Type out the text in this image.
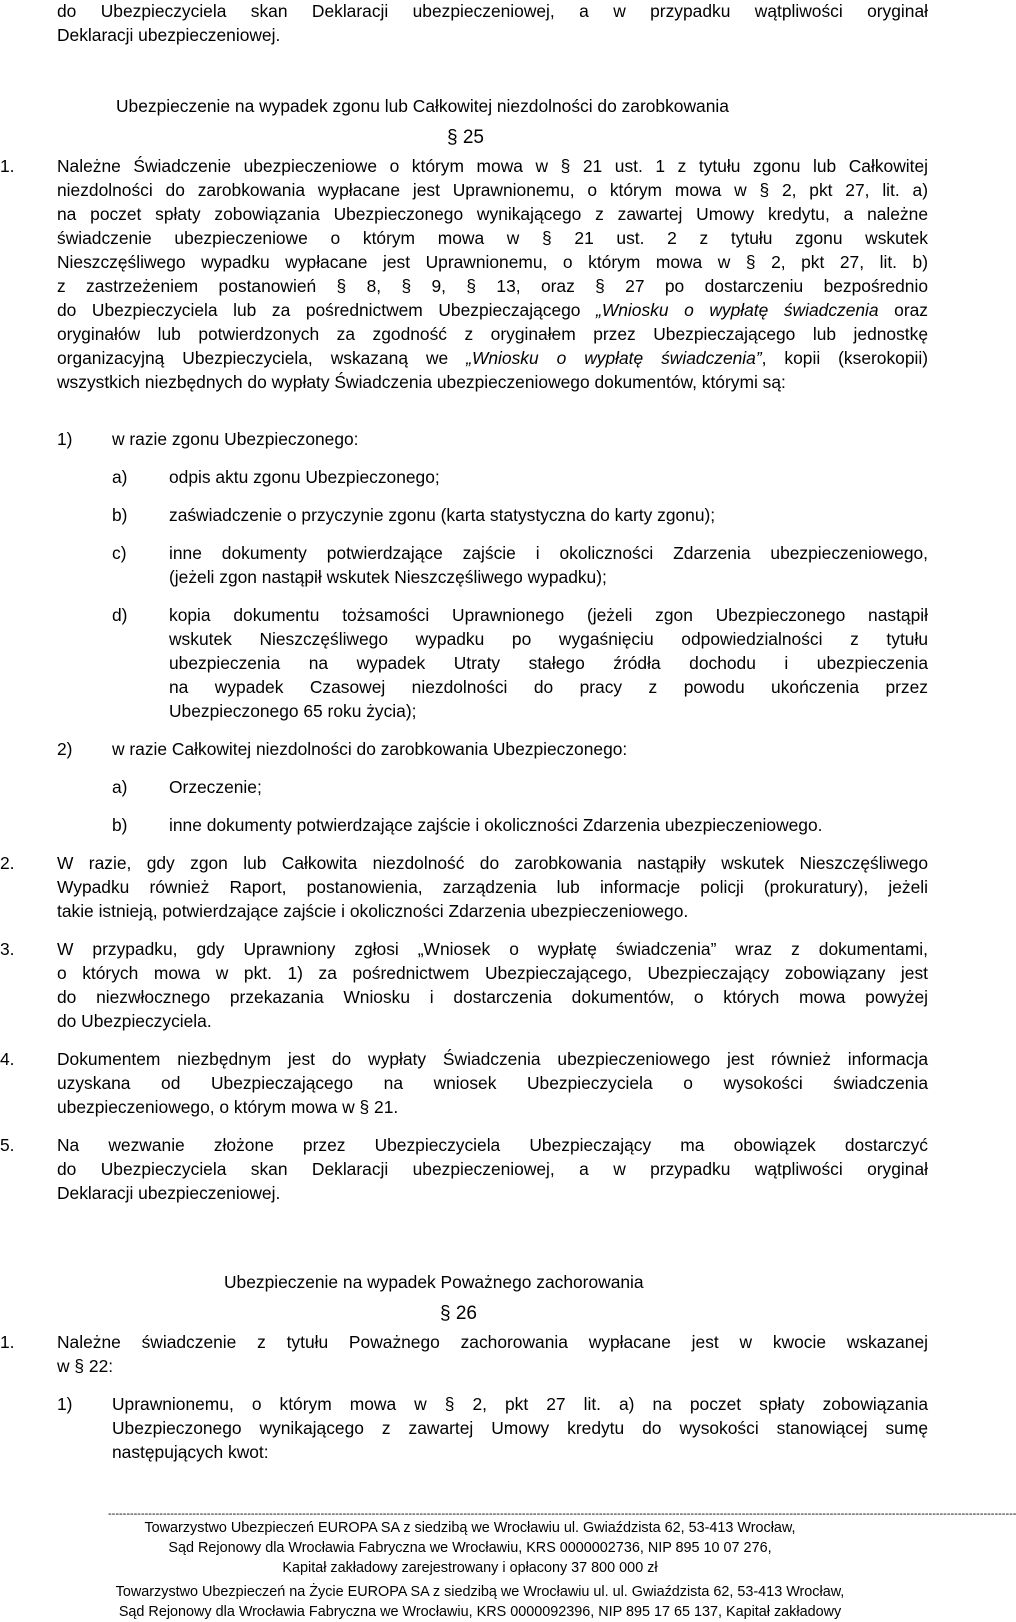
do Ubezpieczyciela skan Deklaracji ubezpieczeniowej, a w przypadku wątpliwości oryginał
Deklaracji ubezpieczeniowej.
Ubezpieczenie na wypadek zgonu lub Całkowitej niezdolności do zarobkowania
§ 25
1. Należne Świadczenie ubezpieczeniowe o którym mowa w § 21 ust. 1 z tytułu zgonu lub Całkowitej
niezdolności do zarobkowania wypłacane jest Uprawnionemu, o którym mowa w § 2, pkt 27, lit. a)
na poczet spłaty zobowiązania Ubezpieczonego wynikającego z zawartej Umowy kredytu, a należne
świadczenie ubezpieczeniowe o którym mowa w § 21 ust. 2 z tytułu zgonu wskutek
Nieszczęśliwego wypadku wypłacane jest Uprawnionemu, o którym mowa w § 2, pkt 27, lit. b)
z zastrzeżeniem postanowień § 8, § 9, § 13, oraz § 27 po dostarczeniu bezpośrednio
do Ubezpieczyciela lub za pośrednictwem Ubezpieczającego „Wniosku o wypłatę świadczenia oraz
oryginałów lub potwierdzonych za zgodność z oryginałem przez Ubezpieczającego lub jednostkę
organizacyjną Ubezpieczyciela, wskazaną we „Wniosku o wypłatę świadczenia”, kopii (kserokopii)
wszystkich niezbędnych do wypłaty Świadczenia ubezpieczeniowego dokumentów, którymi są:
1) w razie zgonu Ubezpieczonego:
a) odpis aktu zgonu Ubezpieczonego;
b) zaświadczenie o przyczynie zgonu (karta statystyczna do karty zgonu);
c) inne dokumenty potwierdzające zajście i okoliczności Zdarzenia ubezpieczeniowego,
(jeżeli zgon nastąpił wskutek Nieszczęśliwego wypadku);
d) kopia dokumentu tożsamości Uprawnionego (jeżeli zgon Ubezpieczonego nastąpił
wskutek Nieszczęśliwego wypadku po wygaśnięciu odpowiedzialności z tytułu
ubezpieczenia na wypadek Utraty stałego źródła dochodu i ubezpieczenia
na wypadek Czasowej niezdolności do pracy z powodu ukończenia przez
Ubezpieczonego 65 roku życia);
2) w razie Całkowitej niezdolności do zarobkowania Ubezpieczonego:
a) Orzeczenie;
b) inne dokumenty potwierdzające zajście i okoliczności Zdarzenia ubezpieczeniowego.
2. W razie, gdy zgon lub Całkowita niezdolność do zarobkowania nastąpiły wskutek Nieszczęśliwego
Wypadku również Raport, postanowienia, zarządzenia lub informacje policji (prokuratury), jeżeli
takie istnieją, potwierdzające zajście i okoliczności Zdarzenia ubezpieczeniowego.
3. W przypadku, gdy Uprawniony zgłosi „Wniosek o wypłatę świadczenia” wraz z dokumentami,
o których mowa w pkt. 1) za pośrednictwem Ubezpieczającego, Ubezpieczający zobowiązany jest
do niezwłocznego przekazania Wniosku i dostarczenia dokumentów, o których mowa powyżej
do Ubezpieczyciela.
4. Dokumentem niezbędnym jest do wypłaty Świadczenia ubezpieczeniowego jest również informacja
uzyskana od Ubezpieczającego na wniosek Ubezpieczyciela o wysokości świadczenia
ubezpieczeniowego, o którym mowa w § 21.
5. Na wezwanie złożone przez Ubezpieczyciela Ubezpieczający ma obowiązek dostarczyć
do Ubezpieczyciela skan Deklaracji ubezpieczeniowej, a w przypadku wątpliwości oryginał
Deklaracji ubezpieczeniowej.
Ubezpieczenie na wypadek Poważnego zachorowania
§ 26
1. Należne świadczenie z tytułu Poważnego zachorowania wypłacane jest w kwocie wskazanej
w § 22:
1) Uprawnionemu, o którym mowa w § 2, pkt 27 lit. a) na poczet spłaty zobowiązania
Ubezpieczonego wynikającego z zawartej Umowy kredytu do wysokości stanowiącej sumę
następujących kwot:
--------------------------------------------------------------------------------------------------------------------------------------------------------------------------------------------------------------------------------------------------------
Towarzystwo Ubezpieczeń EUROPA SA z siedzibą we Wrocławiu ul. Gwiaździsta 62, 53-413 Wrocław,
Sąd Rejonowy dla Wrocławia Fabryczna we Wrocławiu, KRS 0000002736, NIP 895 10 07 276,
Kapitał zakładowy zarejestrowany i opłacony 37 800 000 zł
Towarzystwo Ubezpieczeń na Życie EUROPA SA z siedzibą we Wrocławiu ul. ul. Gwiaździsta 62, 53-413 Wrocław,
Sąd Rejonowy dla Wrocławia Fabryczna we Wrocławiu, KRS 0000092396, NIP 895 17 65 137, Kapitał zakładowy
